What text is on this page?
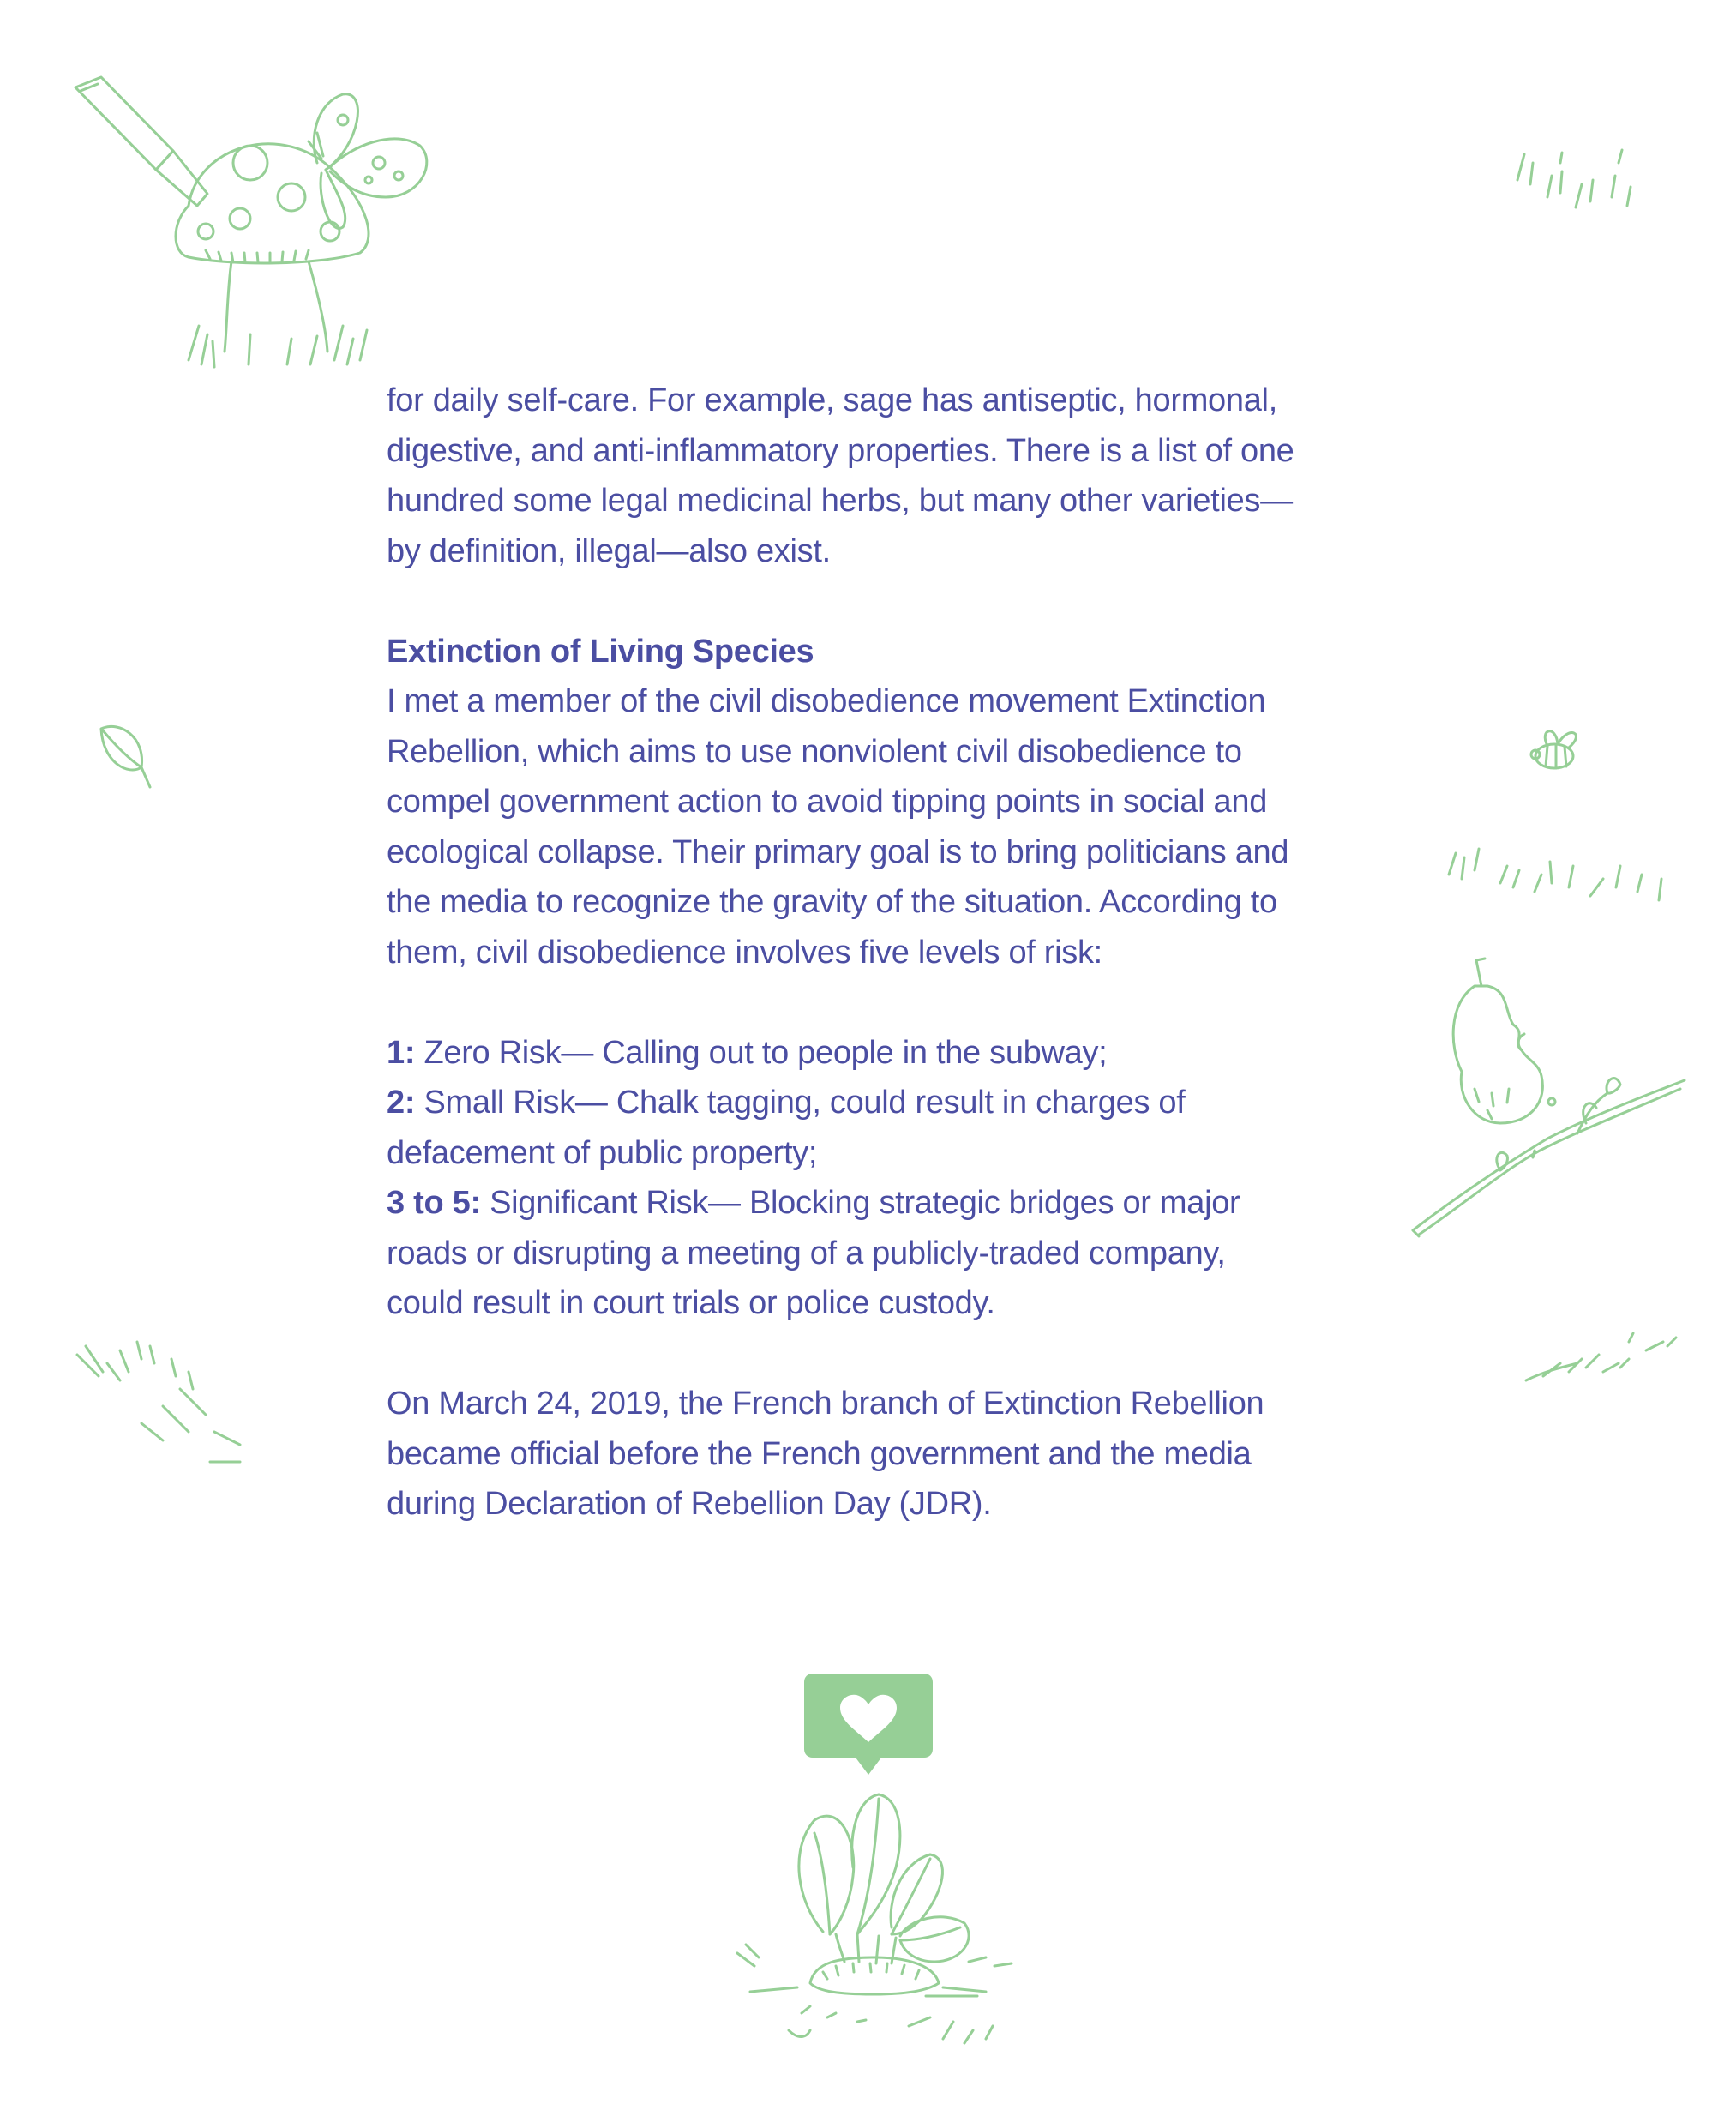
for daily self-care. For example, sage has antiseptic, hormonal,
digestive, and anti-inflammatory properties. There is a list of one
hundred some legal medicinal herbs, but many other varieties—
by definition, illegal—also exist.

Extinction of Living Species
I met a member of the civil disobedience movement Extinction
Rebellion, which aims to use nonviolent civil disobedience to
compel government action to avoid tipping points in social and
ecological collapse. Their primary goal is to bring politicians and
the media to recognize the gravity of the situation. According to
them, civil disobedience involves five levels of risk:

1: Zero Risk— Calling out to people in the subway;
2: Small Risk— Chalk tagging, could result in charges of
defacement of public property;
3 to 5: Significant Risk— Blocking strategic bridges or major
roads or disrupting a meeting of a publicly-traded company,
could result in court trials or police custody.

On March 24, 2019, the French branch of Extinction Rebellion
became official before the French government and the media
during Declaration of Rebellion Day (JDR).
